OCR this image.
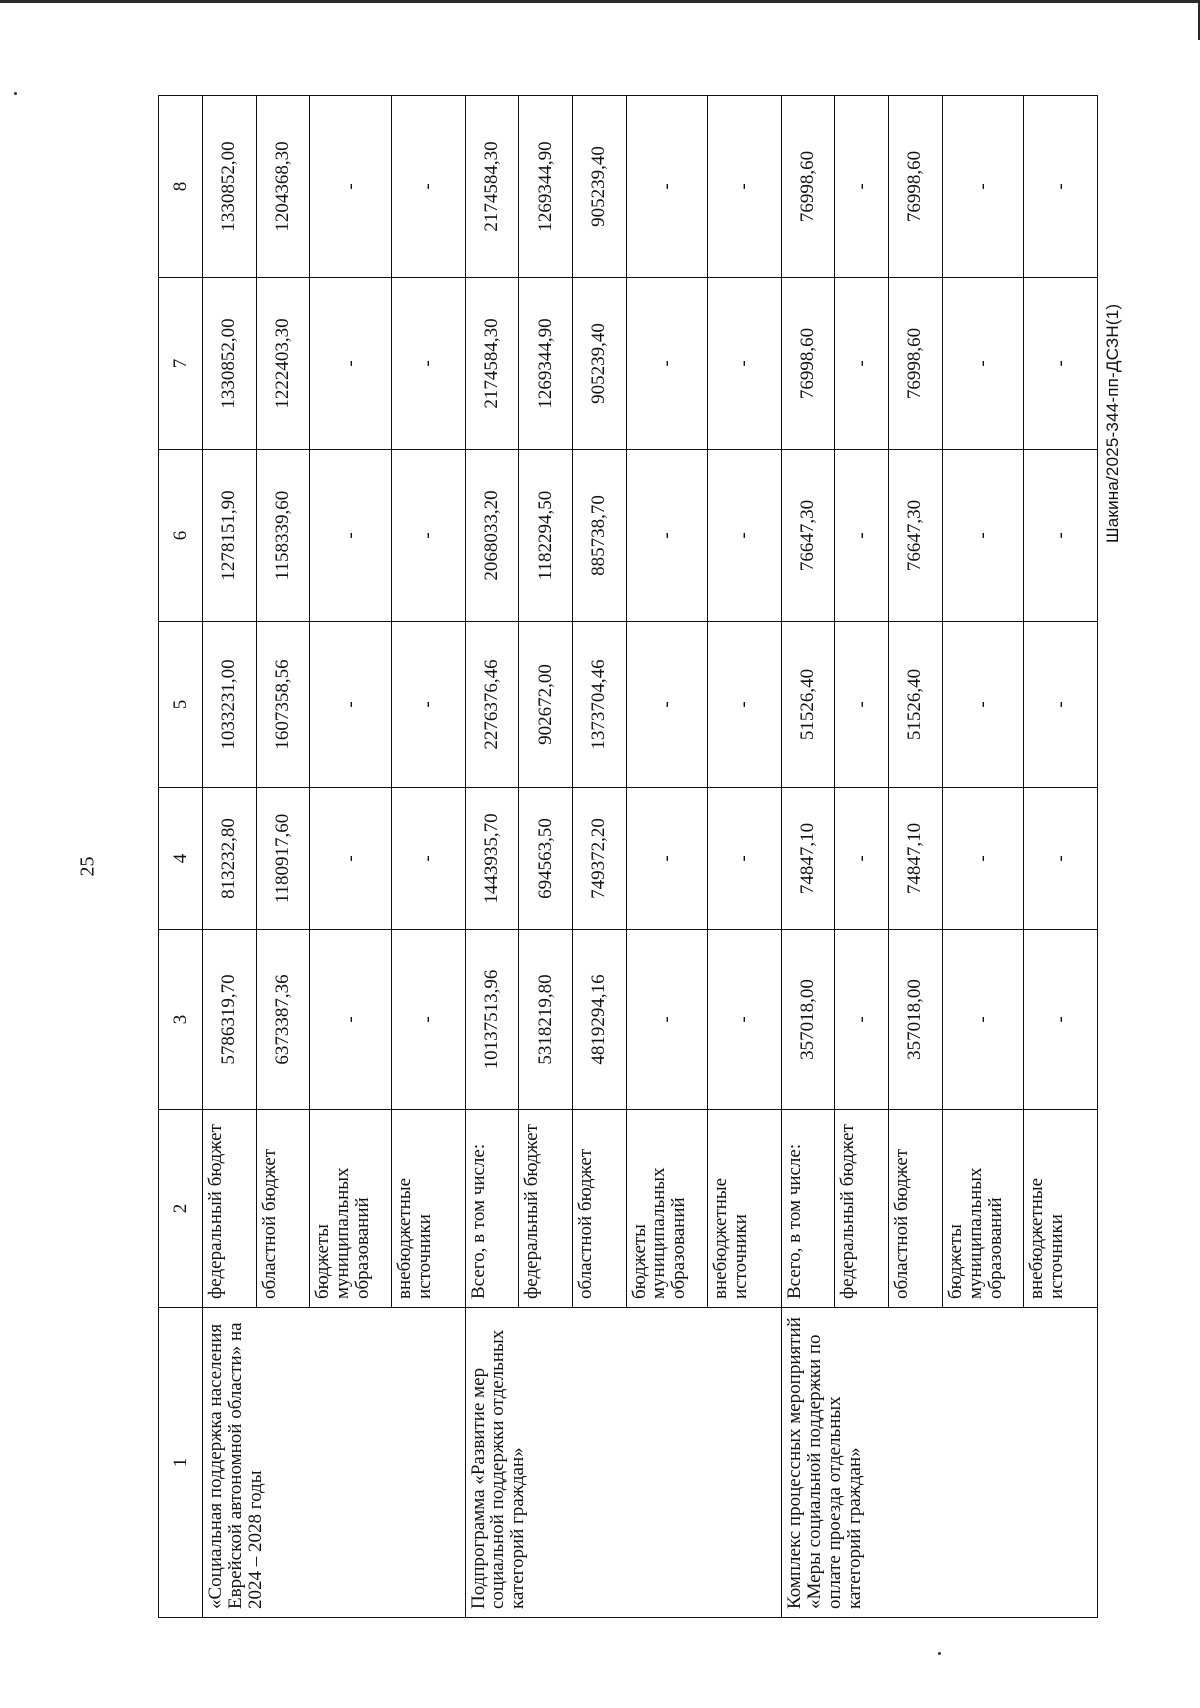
25
Шакина/2025-344-пп-ДСЗН(1)
1	2	3	4	5	6	7	8
«Социальная поддержка населения Еврейской автономной области» на 2024 – 2028 годы	федеральный бюджет	5786319,70	813232,80	1033231,00	1278151,90	1330852,00	1330852,00
	областной бюджет	6373387,36	1180917,60	1607358,56	1158339,60	1222403,30	1204368,30
	бюджеты муниципальных образований	-	-	-	-	-	-
	внебюджетные источники	-	-	-	-	-	-
Подпрограмма «Развитие мер социальной поддержки отдельных категорий граждан»	Всего, в том числе:	10137513,96	1443935,70	2276376,46	2068033,20	2174584,30	2174584,30
	федеральный бюджет	5318219,80	694563,50	902672,00	1182294,50	1269344,90	1269344,90
	областной бюджет	4819294,16	749372,20	1373704,46	885738,70	905239,40	905239,40
	бюджеты муниципальных образований	-	-	-	-	-	-
	внебюджетные источники	-	-	-	-	-	-
Комплекс процессных мероприятий «Меры социальной поддержки по оплате проезда отдельных категорий граждан»	Всего, в том числе:	357018,00	74847,10	51526,40	76647,30	76998,60	76998,60
	федеральный бюджет	-	-	-	-	-	-
	областной бюджет	357018,00	74847,10	51526,40	76647,30	76998,60	76998,60
	бюджеты муниципальных образований	-	-	-	-	-	-
	внебюджетные источники	-	-	-	-	-	-
